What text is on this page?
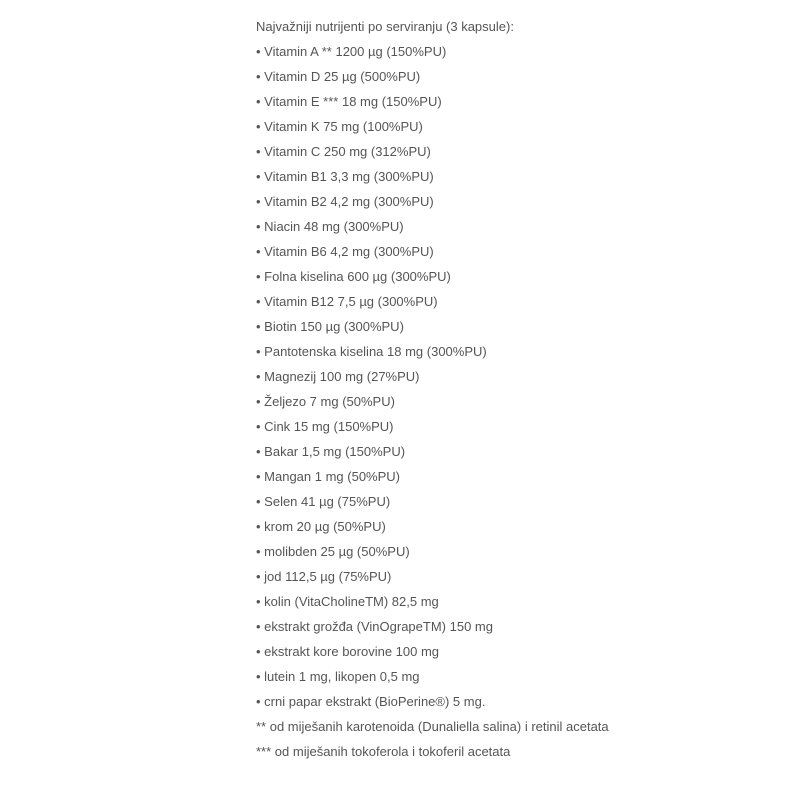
Najvažniji nutrijenti po serviranju (3 kapsule):
• Vitamin A ** 1200 µg (150%PU)
• Vitamin D 25 µg (500%PU)
• Vitamin E *** 18 mg (150%PU)
• Vitamin K 75 mg (100%PU)
• Vitamin C 250 mg (312%PU)
• Vitamin B1 3,3 mg (300%PU)
• Vitamin B2 4,2 mg (300%PU)
• Niacin 48 mg (300%PU)
• Vitamin B6 4,2 mg (300%PU)
• Folna kiselina 600 µg (300%PU)
• Vitamin B12 7,5 µg (300%PU)
• Biotin 150 µg (300%PU)
• Pantotenska kiselina 18 mg (300%PU)
• Magnezij 100 mg (27%PU)
• Željezo 7 mg (50%PU)
• Cink 15 mg (150%PU)
• Bakar 1,5 mg (150%PU)
• Mangan 1 mg (50%PU)
• Selen 41 µg (75%PU)
• krom 20 µg (50%PU)
• molibden 25 µg (50%PU)
• jod 112,5 µg (75%PU)
• kolin (VitaCholineTM) 82,5 mg
• ekstrakt grožđa (VinOgrapeTM) 150 mg
• ekstrakt kore borovine 100 mg
• lutein 1 mg, likopen 0,5 mg
• crni papar ekstrakt (BioPerine®) 5 mg.
** od miješanih karotenoida (Dunaliella salina) i retinil acetata
*** od miješanih tokoferola i tokoferil acetata
